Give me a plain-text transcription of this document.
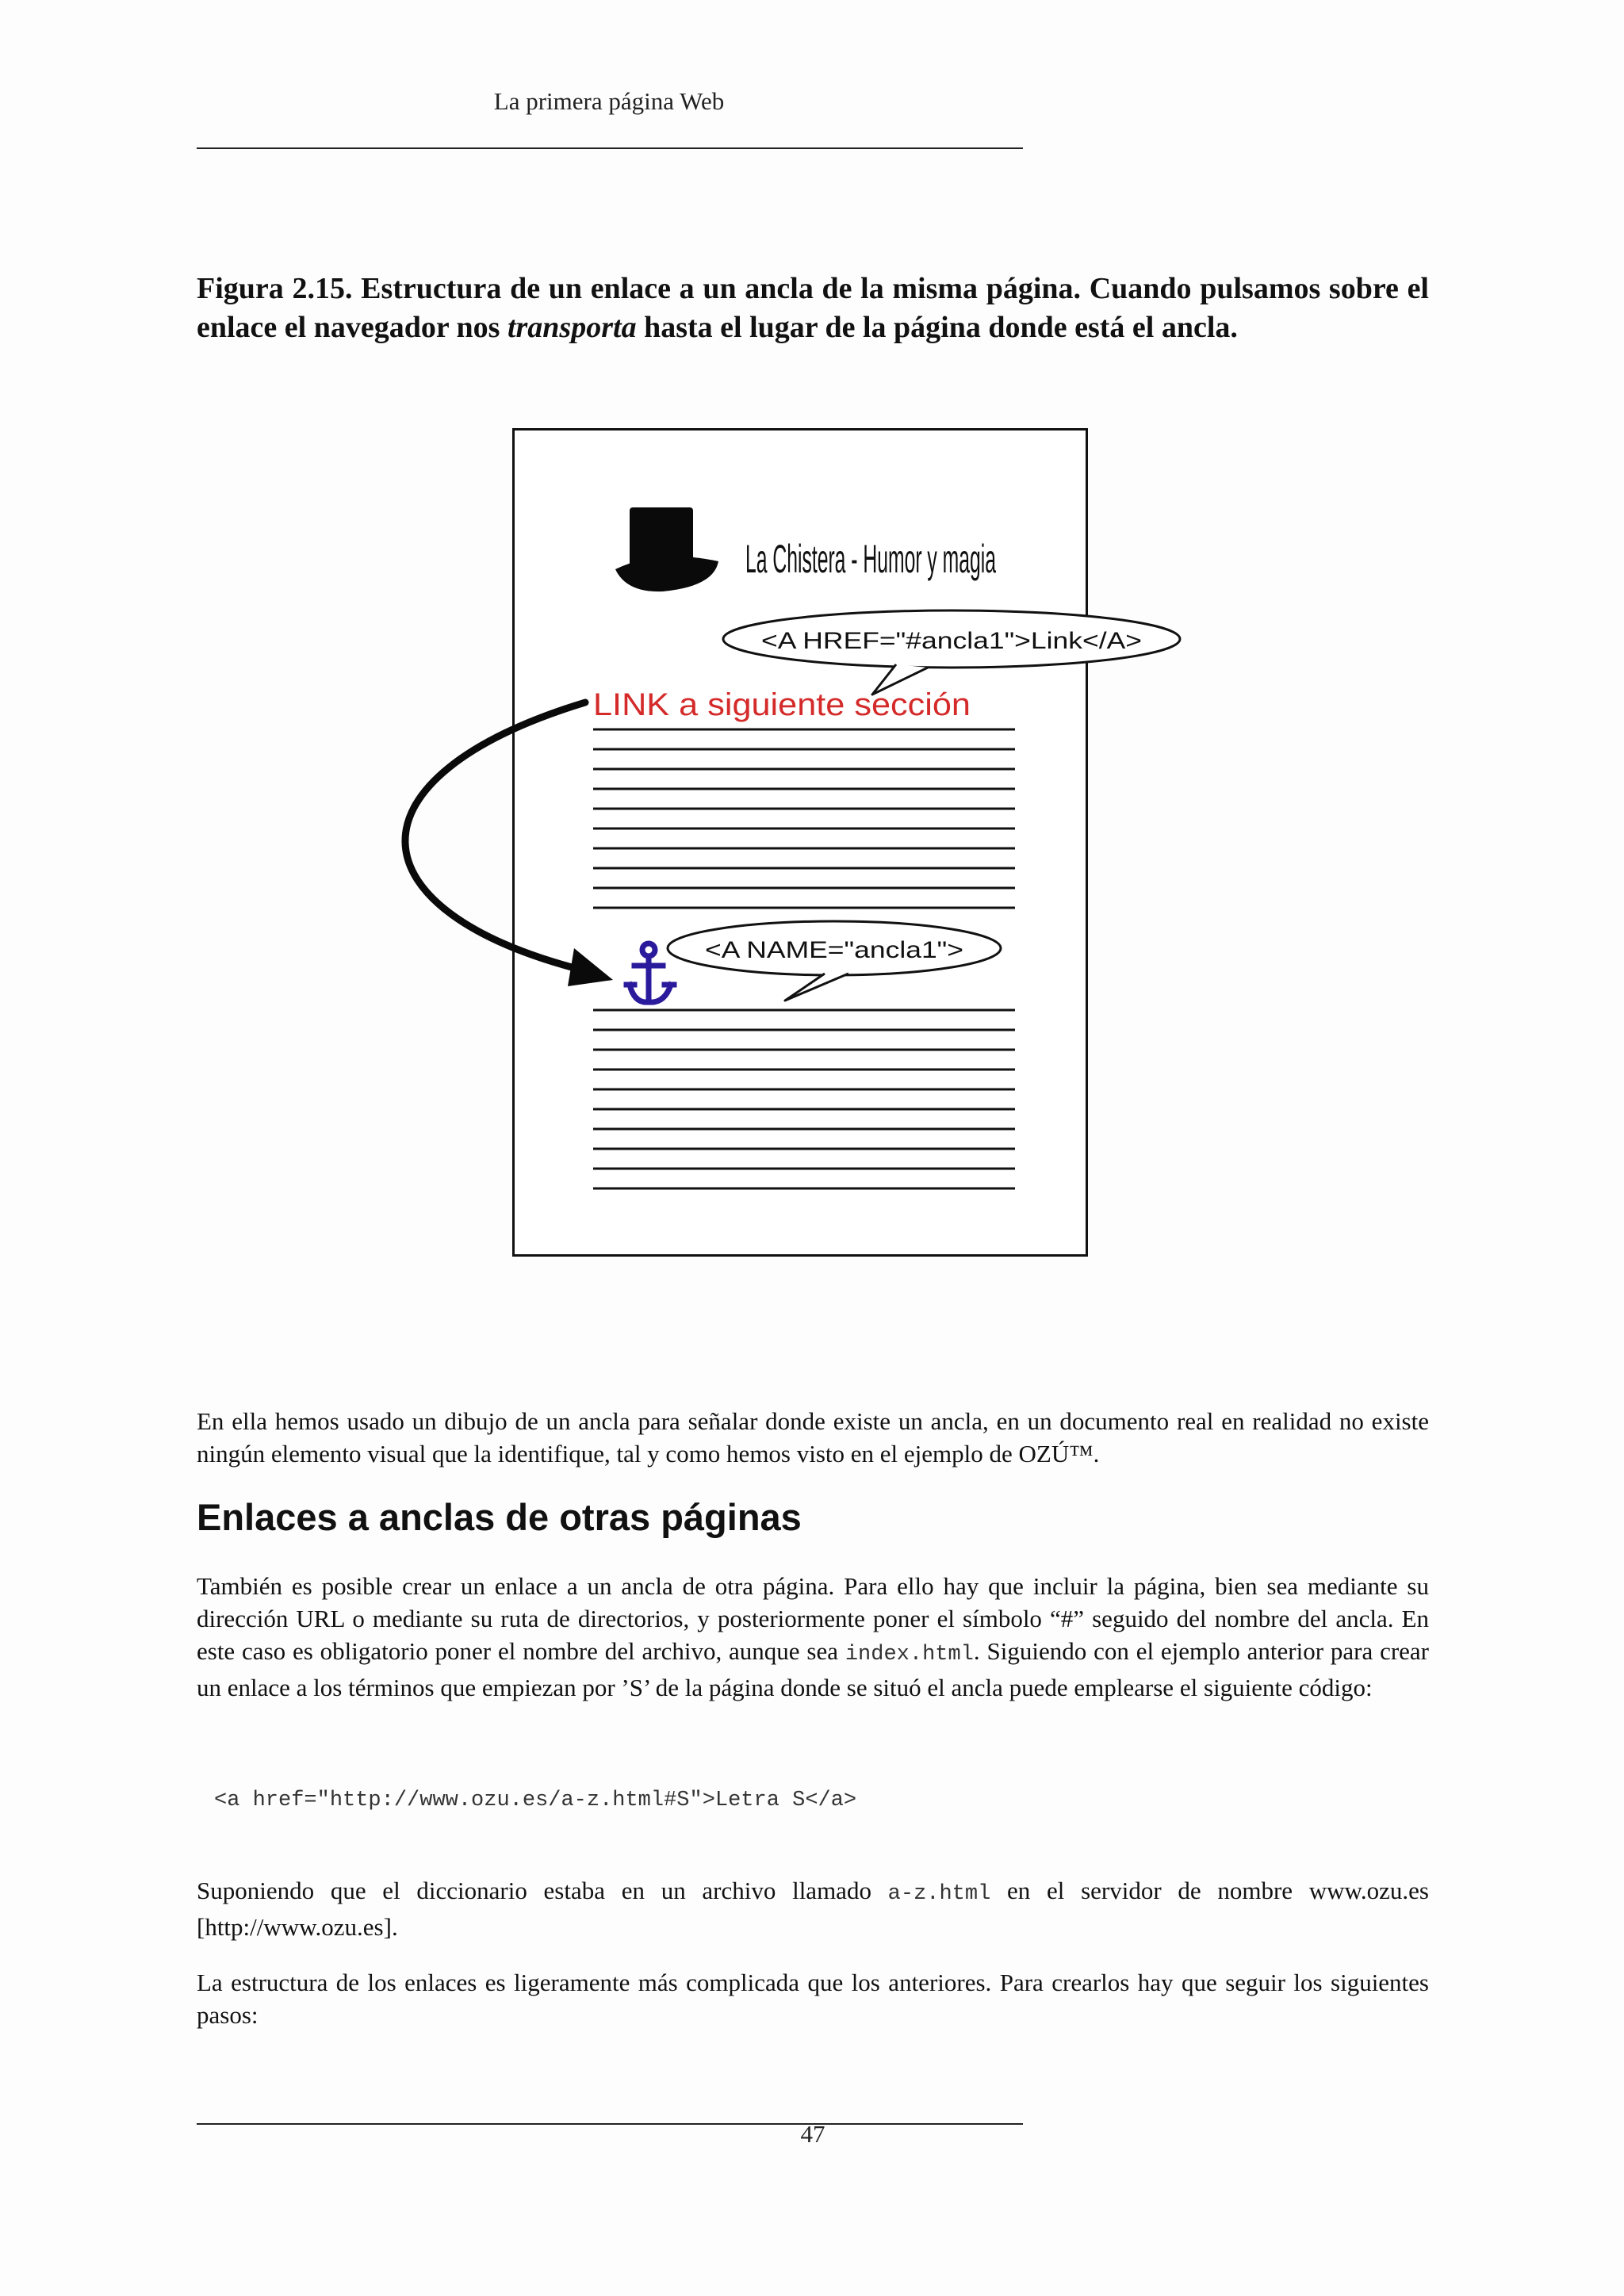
La primera página Web
Figura 2.15. Estructura de un enlace a un ancla de la misma página. Cuando pulsamos sobre el enlace el navegador nos transporta hasta el lugar de la página donde está el ancla.
La Chistera - Humor y magia
<A HREF="#ancla1">Link</A>
LINK a siguiente sección
<A NAME="ancla1">
En ella hemos usado un dibujo de un ancla para señalar donde existe un ancla, en un documento real en realidad no existe ningún elemento visual que la identifique, tal y como hemos visto en el ejemplo de OZÚ™.
Enlaces a anclas de otras páginas
También es posible crear un enlace a un ancla de otra página. Para ello hay que incluir la página, bien sea mediante su dirección URL o mediante su ruta de directorios, y posteriormente poner el símbolo “#” seguido del nombre del ancla. En este caso es obligatorio poner el nombre del archivo, aunque sea index.html. Siguiendo con el ejemplo anterior para crear un enlace a los términos que empiezan por ’S’ de la página donde se situó el ancla puede emplearse el siguiente código:
<a href="http://www.ozu.es/a-z.html#S">Letra S</a>
Suponiendo que el diccionario estaba en un archivo llamado a-z.html en el servidor de nombre www.ozu.es [http://www.ozu.es].
La estructura de los enlaces es ligeramente más complicada que los anteriores. Para crearlos hay que seguir los siguientes pasos:
47
